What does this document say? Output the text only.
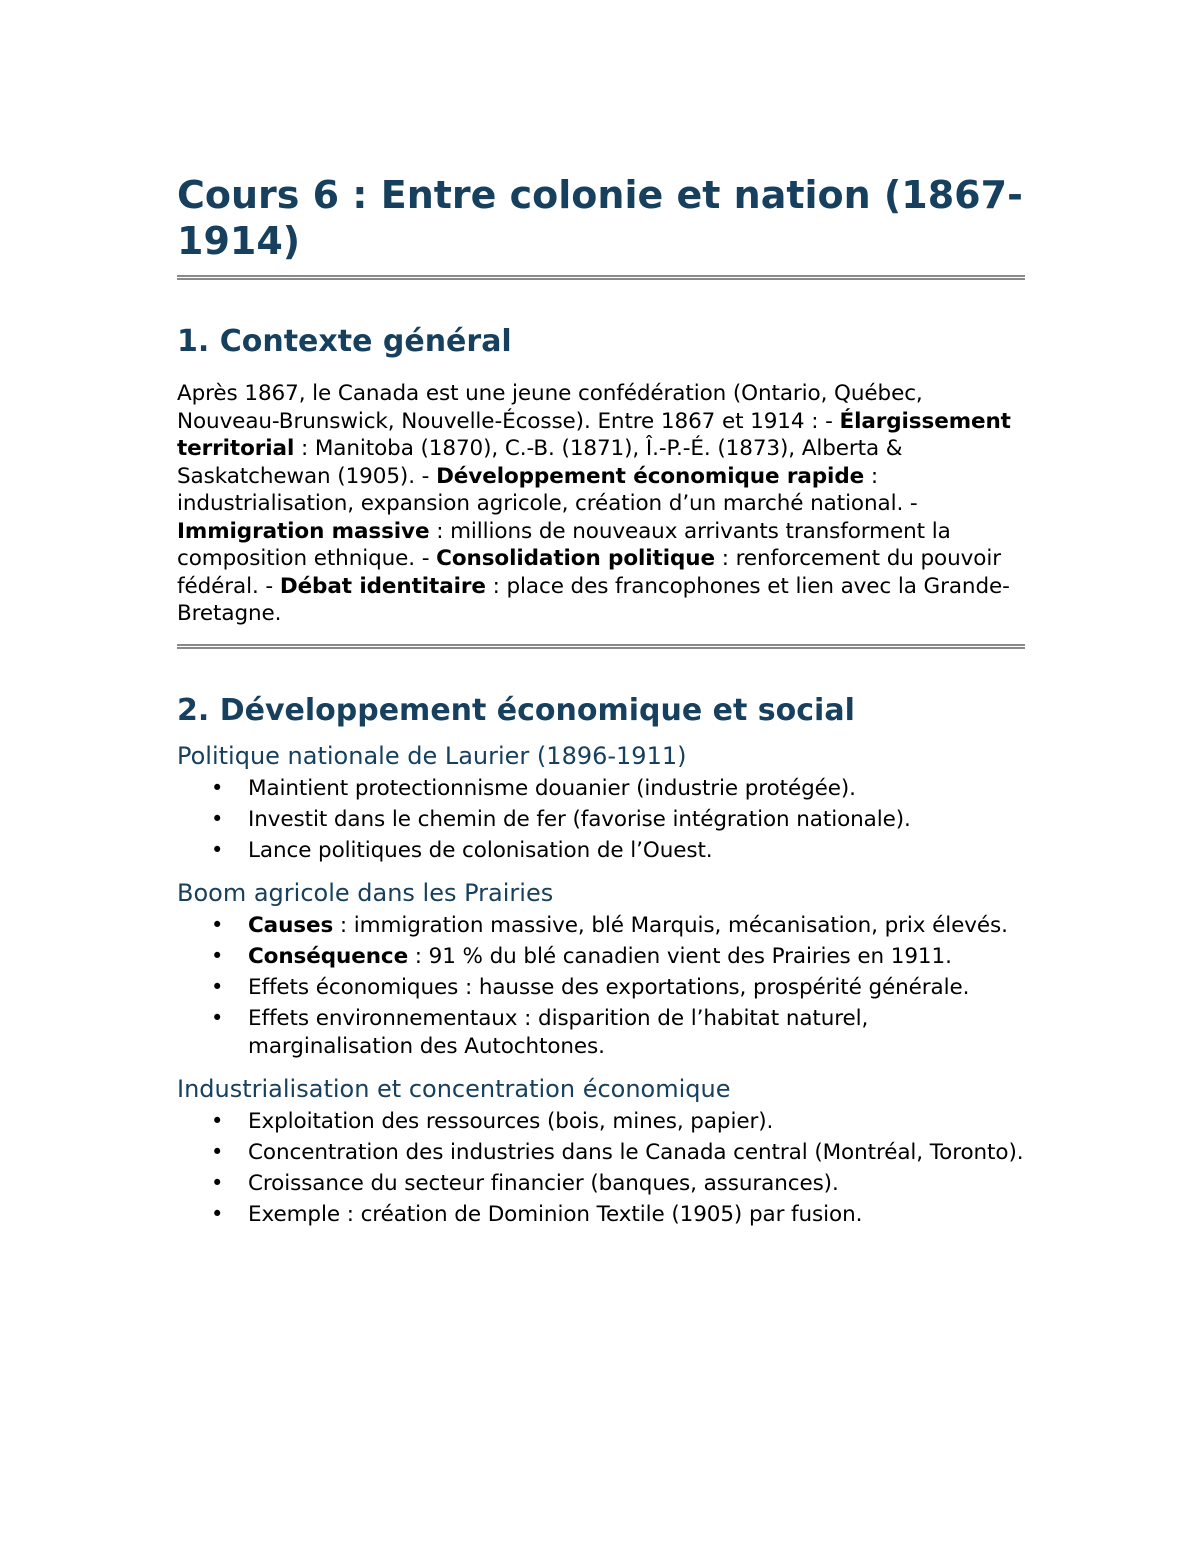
Cours 6 : Entre colonie et nation (1867-1914)
1. Contexte général

Après 1867, le Canada est une jeune confédération (Ontario, Québec, Nouveau-Brunswick, Nouvelle-Écosse). Entre 1867 et 1914 : - Élargissement territorial : Manitoba (1870), C.-B. (1871), Î.-P.-É. (1873), Alberta & Saskatchewan (1905). - Développement économique rapide : industrialisation, expansion agricole, création d’un marché national. - Immigration massive : millions de nouveaux arrivants transforment la composition ethnique. - Consolidation politique : renforcement du pouvoir fédéral. - Débat identitaire : place des francophones et lien avec la Grande-Bretagne.

2. Développement économique et social
Politique nationale de Laurier (1896-1911)
• Maintient protectionnisme douanier (industrie protégée).
• Investit dans le chemin de fer (favorise intégration nationale).
• Lance politiques de colonisation de l’Ouest.
Boom agricole dans les Prairies
• Causes : immigration massive, blé Marquis, mécanisation, prix élevés.
• Conséquence : 91 % du blé canadien vient des Prairies en 1911.
• Effets économiques : hausse des exportations, prospérité générale.
• Effets environnementaux : disparition de l’habitat naturel, marginalisation des Autochtones.
Industrialisation et concentration économique
• Exploitation des ressources (bois, mines, papier).
• Concentration des industries dans le Canada central (Montréal, Toronto).
• Croissance du secteur financier (banques, assurances).
• Exemple : création de Dominion Textile (1905) par fusion.
